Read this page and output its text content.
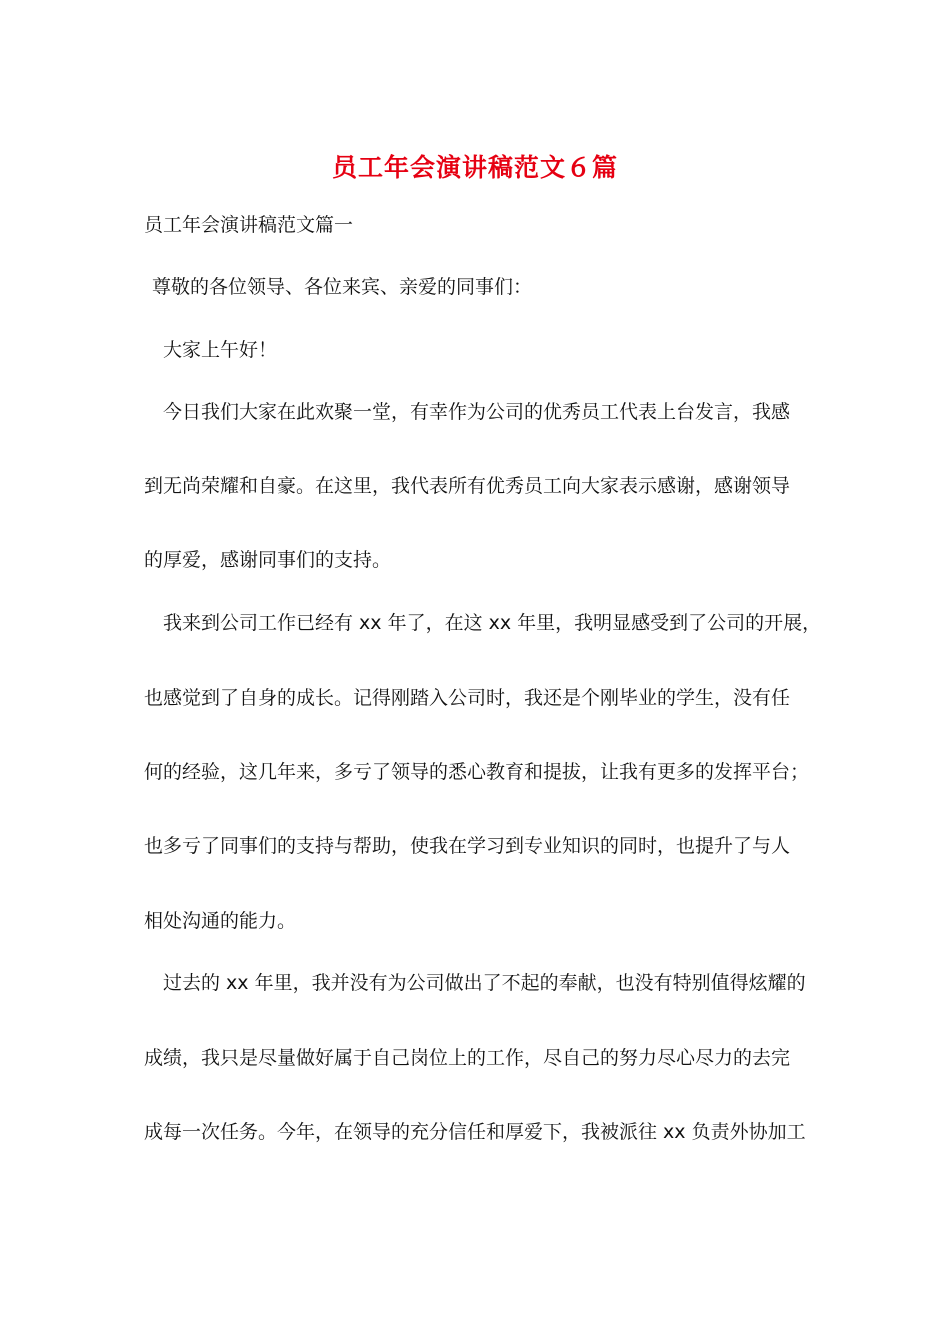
员工年会演讲稿范文６篇
员工年会演讲稿范文篇一
尊敬的各位领导、各位来宾、亲爱的同事们：
大家上午好！
今日我们大家在此欢聚一堂，有幸作为公司的优秀员工代表上台发言，我感
到无尚荣耀和自豪。在这里，我代表所有优秀员工向大家表示感谢，感谢领导
的厚爱，感谢同事们的支持。
我来到公司工作已经有 xx 年了，在这 xx 年里，我明显感受到了公司的开展，
也感觉到了自身的成长。记得刚踏入公司时，我还是个刚毕业的学生，没有任
何的经验，这几年来，多亏了领导的悉心教育和提拔，让我有更多的发挥平台；
也多亏了同事们的支持与帮助，使我在学习到专业知识的同时，也提升了与人
相处沟通的能力。
过去的 xx 年里，我并没有为公司做出了不起的奉献，也没有特别值得炫耀的
成绩，我只是尽量做好属于自己岗位上的工作，尽自己的努力尽心尽力的去完
成每一次任务。今年，在领导的充分信任和厚爱下，我被派往 xx 负责外协加工
